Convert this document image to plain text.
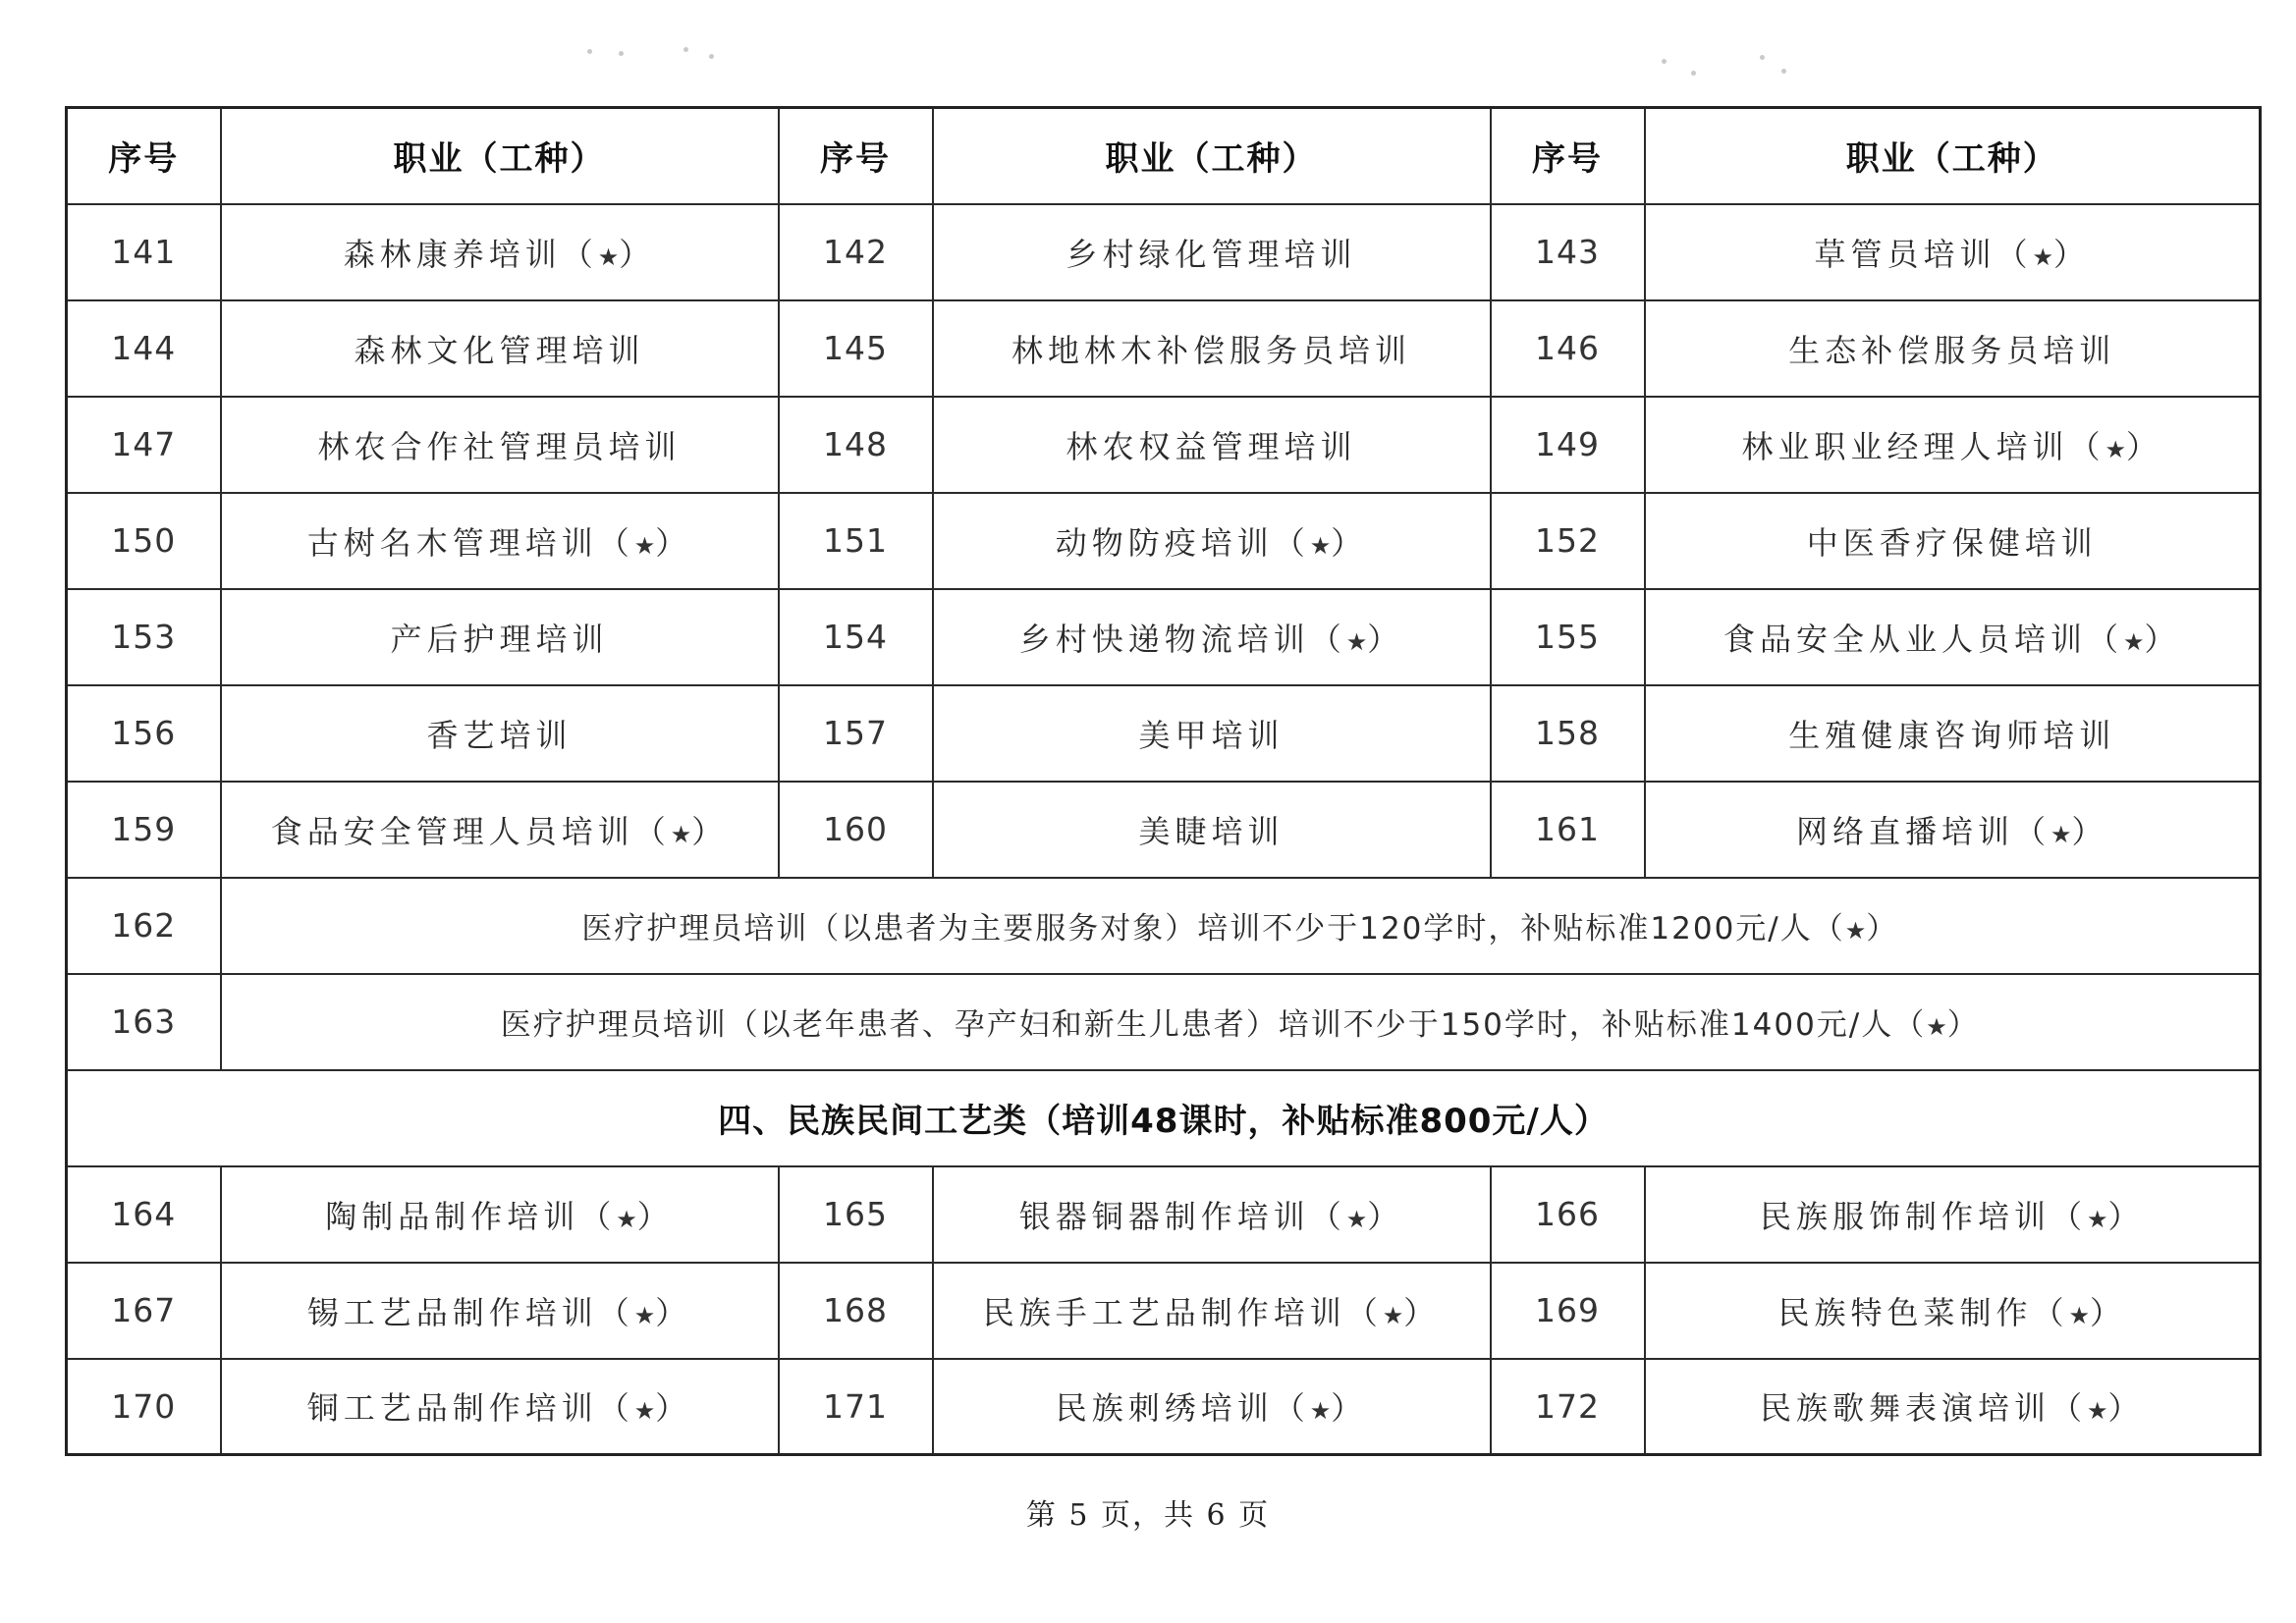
序号	职业（工种）	序号	职业（工种）	序号	职业（工种）
141	森林康养培训（★）	142	乡村绿化管理培训	143	草管员培训（★）
144	森林文化管理培训	145	林地林木补偿服务员培训	146	生态补偿服务员培训
147	林农合作社管理员培训	148	林农权益管理培训	149	林业职业经理人培训（★）
150	古树名木管理培训（★）	151	动物防疫培训（★）	152	中医香疗保健培训
153	产后护理培训	154	乡村快递物流培训（★）	155	食品安全从业人员培训（★）
156	香艺培训	157	美甲培训	158	生殖健康咨询师培训
159	食品安全管理人员培训（★）	160	美睫培训	161	网络直播培训（★）
162	医疗护理员培训（以患者为主要服务对象）培训不少于120学时，补贴标准1200元/人（★）				
163	医疗护理员培训（以老年患者、孕产妇和新生儿患者）培训不少于150学时，补贴标准1400元/人（★）				
四、民族民间工艺类（培训48课时，补贴标准800元/人）					
164	陶制品制作培训（★）	165	银器铜器制作培训（★）	166	民族服饰制作培训（★）
167	锡工艺品制作培训（★）	168	民族手工艺品制作培训（★）	169	民族特色菜制作（★）
170	铜工艺品制作培训（★）	171	民族刺绣培训（★）	172	民族歌舞表演培训（★）
第 5 页，共 6 页
